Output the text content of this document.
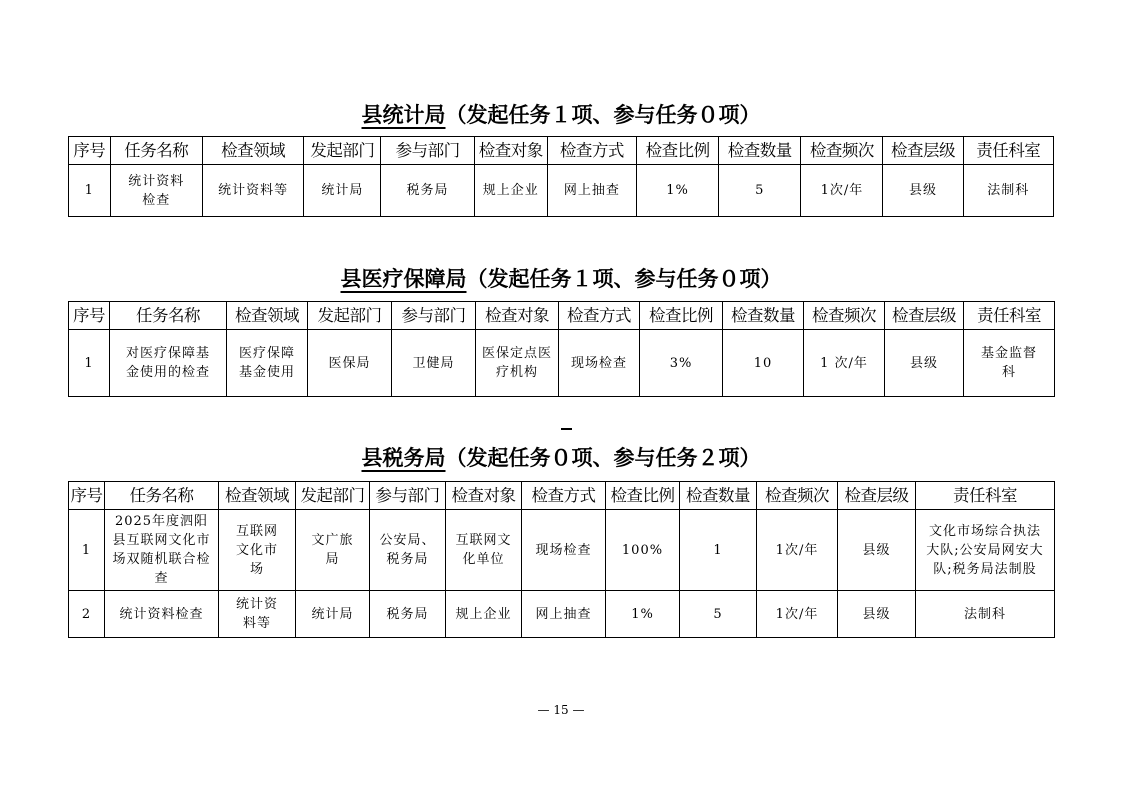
县统计局（发起任务１项、参与任务０项）
序号	任务名称	检查领域	发起部门	参与部门	检查对象	检查方式	检查比例	检查数量	检查频次	检查层级	责任科室
1	统计资料检查	统计资料等	统计局	税务局	规上企业	网上抽查	1%	5	1次/年	县级	法制科
县医疗保障局（发起任务１项、参与任务０项）
序号	任务名称	检查领域	发起部门	参与部门	检查对象	检查方式	检查比例	检查数量	检查频次	检查层级	责任科室
1	对医疗保障基金使用的检查	医疗保障基金使用	医保局	卫健局	医保定点医疗机构	现场检查	3%	10	1 次/年	县级	基金监督科
县税务局（发起任务０项、参与任务２项）
序号	任务名称	检查领域	发起部门	参与部门	检查对象	检查方式	检查比例	检查数量	检查频次	检查层级	责任科室
1	2025年度泗阳县互联网文化市场双随机联合检查	互联网文化市场	文广旅局	公安局、税务局	互联网文化单位	现场检查	100%	1	1次/年	县级	文化市场综合执法大队;公安局网安大队;税务局法制股
2	统计资料检查	统计资料等	统计局	税务局	规上企业	网上抽查	1%	5	1次/年	县级	法制科
— 15 —
